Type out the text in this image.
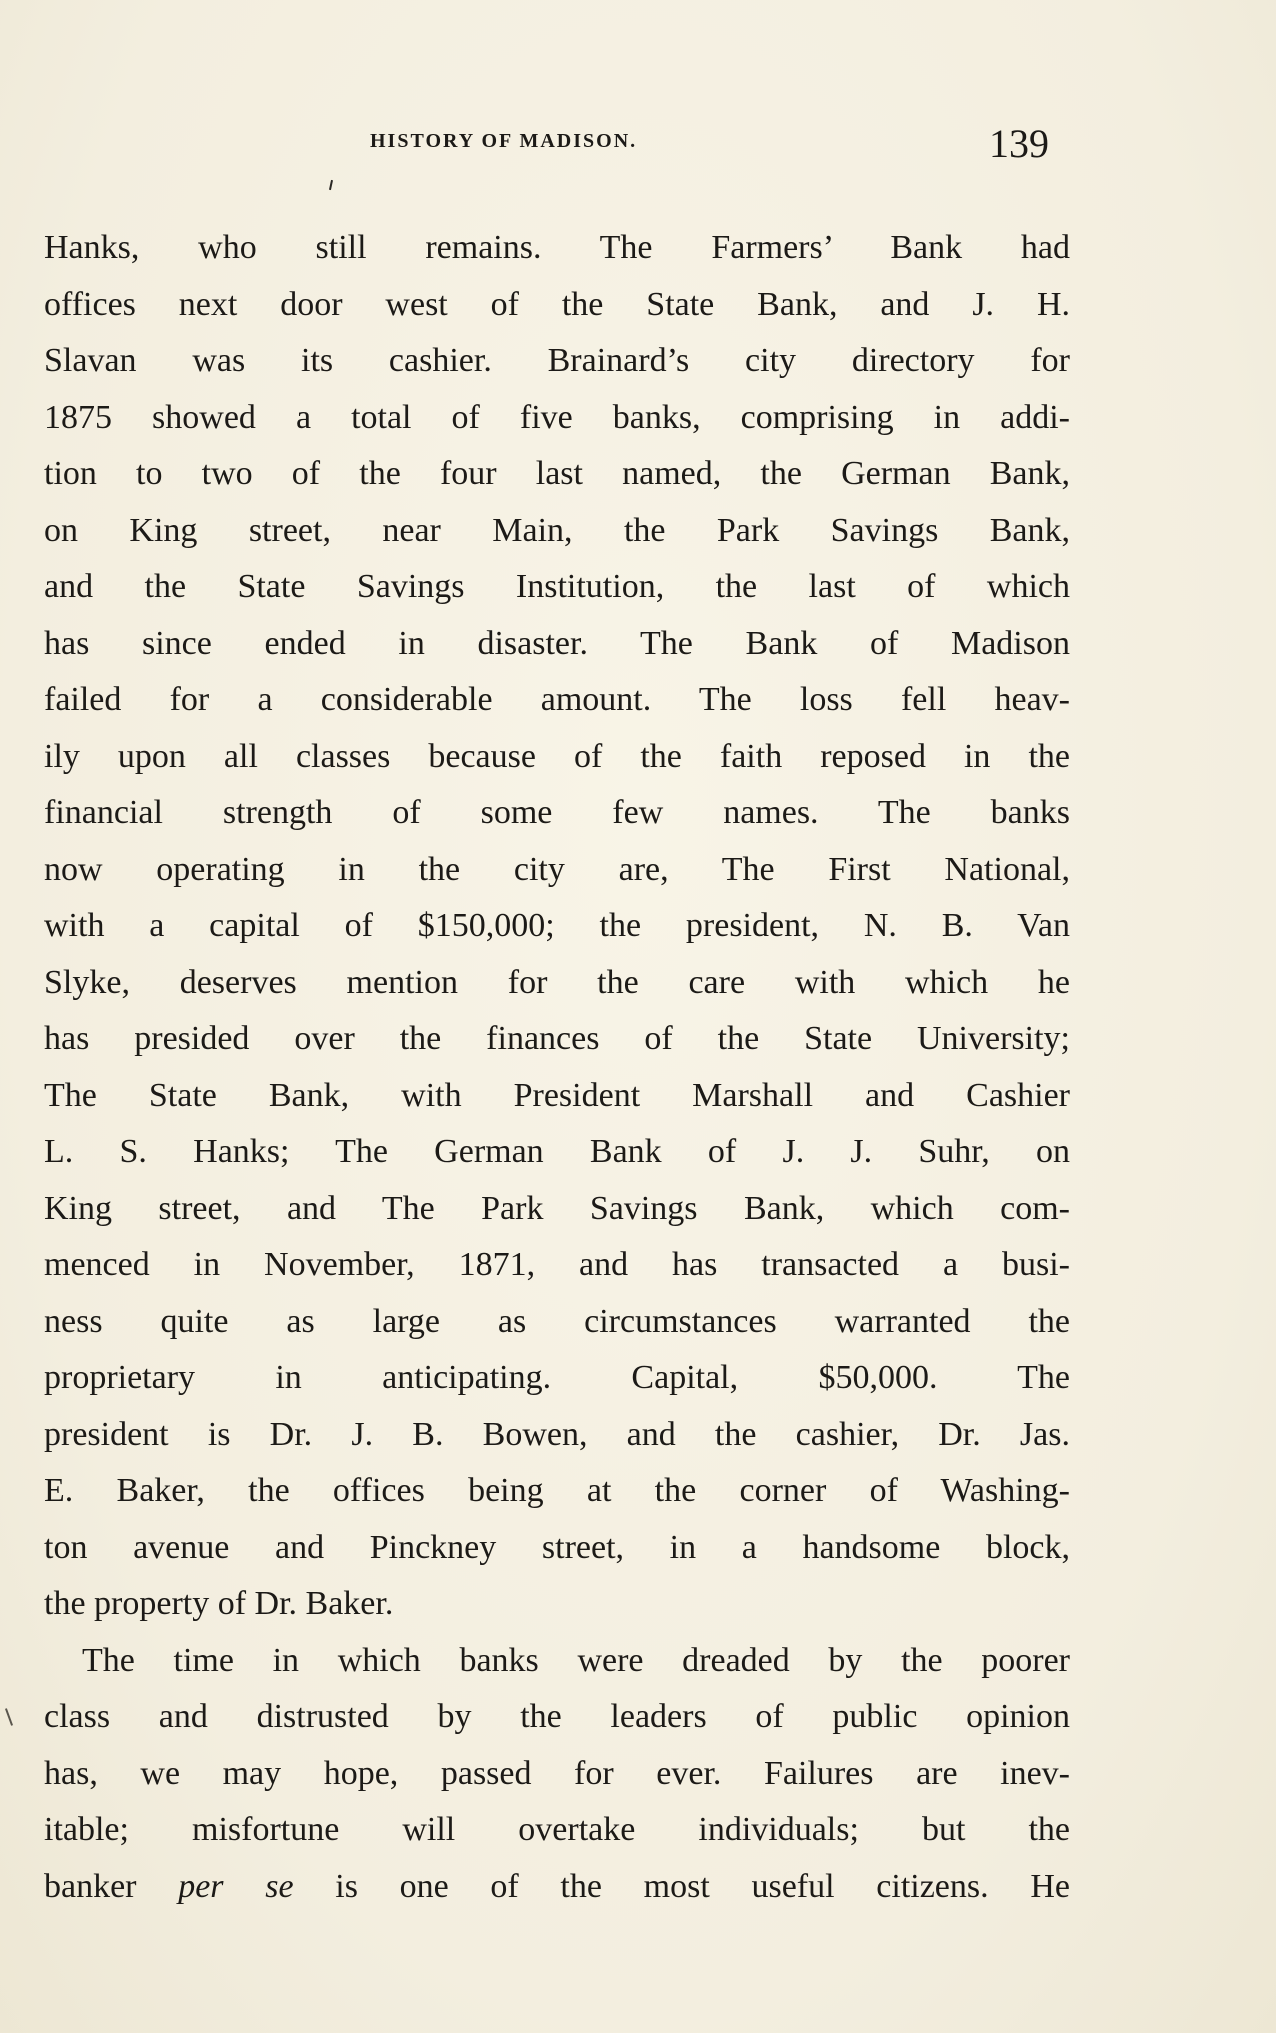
HISTORY OF MADISON.	139
Hanks, who still remains. The Farmers’ Bank had
offices next door west of the State Bank, and J. H.
Slavan was its cashier. Brainard’s city directory for
1875 showed a total of five banks, comprising in addi-
tion to two of the four last named, the German Bank,
on King street, near Main, the Park Savings Bank,
and the State Savings Institution, the last of which
has since ended in disaster. The Bank of Madison
failed for a considerable amount. The loss fell heav-
ily upon all classes because of the faith reposed in the
financial strength of some few names. The banks
now operating in the city are, The First National,
with a capital of $150,000; the president, N. B. Van
Slyke, deserves mention for the care with which he
has presided over the finances of the State University;
The State Bank, with President Marshall and Cashier
L. S. Hanks; The German Bank of J. J. Suhr, on
King street, and The Park Savings Bank, which com-
menced in November, 1871, and has transacted a busi-
ness quite as large as circumstances warranted the
proprietary in anticipating. Capital, $50,000. The
president is Dr. J. B. Bowen, and the cashier, Dr. Jas.
E. Baker, the offices being at the corner of Washing-
ton avenue and Pinckney street, in a handsome block,
the property of Dr. Baker.
The time in which banks were dreaded by the poorer
class and distrusted by the leaders of public opinion
has, we may hope, passed for ever. Failures are inev-
itable; misfortune will overtake individuals; but the
banker per se is one of the most useful citizens. He
